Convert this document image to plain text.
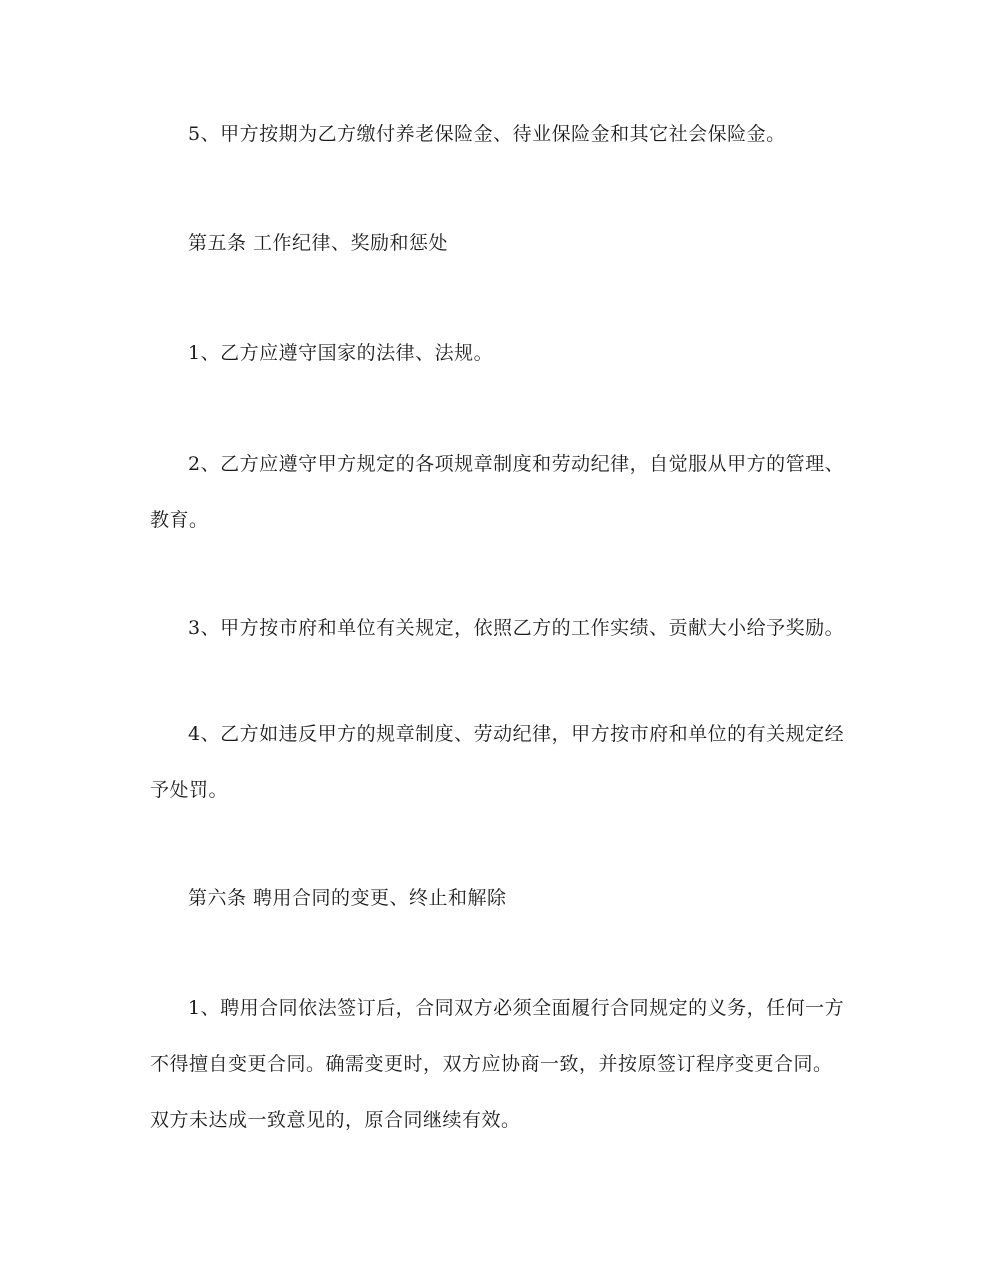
5、甲方按期为乙方缴付养老保险金、待业保险金和其它社会保险金。

第五条 工作纪律、奖励和惩处

1、乙方应遵守国家的法律、法规。

2、乙方应遵守甲方规定的各项规章制度和劳动纪律，自觉服从甲方的管理、教育。

3、甲方按市府和单位有关规定，依照乙方的工作实绩、贡献大小给予奖励。

4、乙方如违反甲方的规章制度、劳动纪律，甲方按市府和单位的有关规定经予处罚。

第六条 聘用合同的变更、终止和解除

1、聘用合同依法签订后，合同双方必须全面履行合同规定的义务，任何一方不得擅自变更合同。确需变更时，双方应协商一致，并按原签订程序变更合同。双方未达成一致意见的，原合同继续有效。
